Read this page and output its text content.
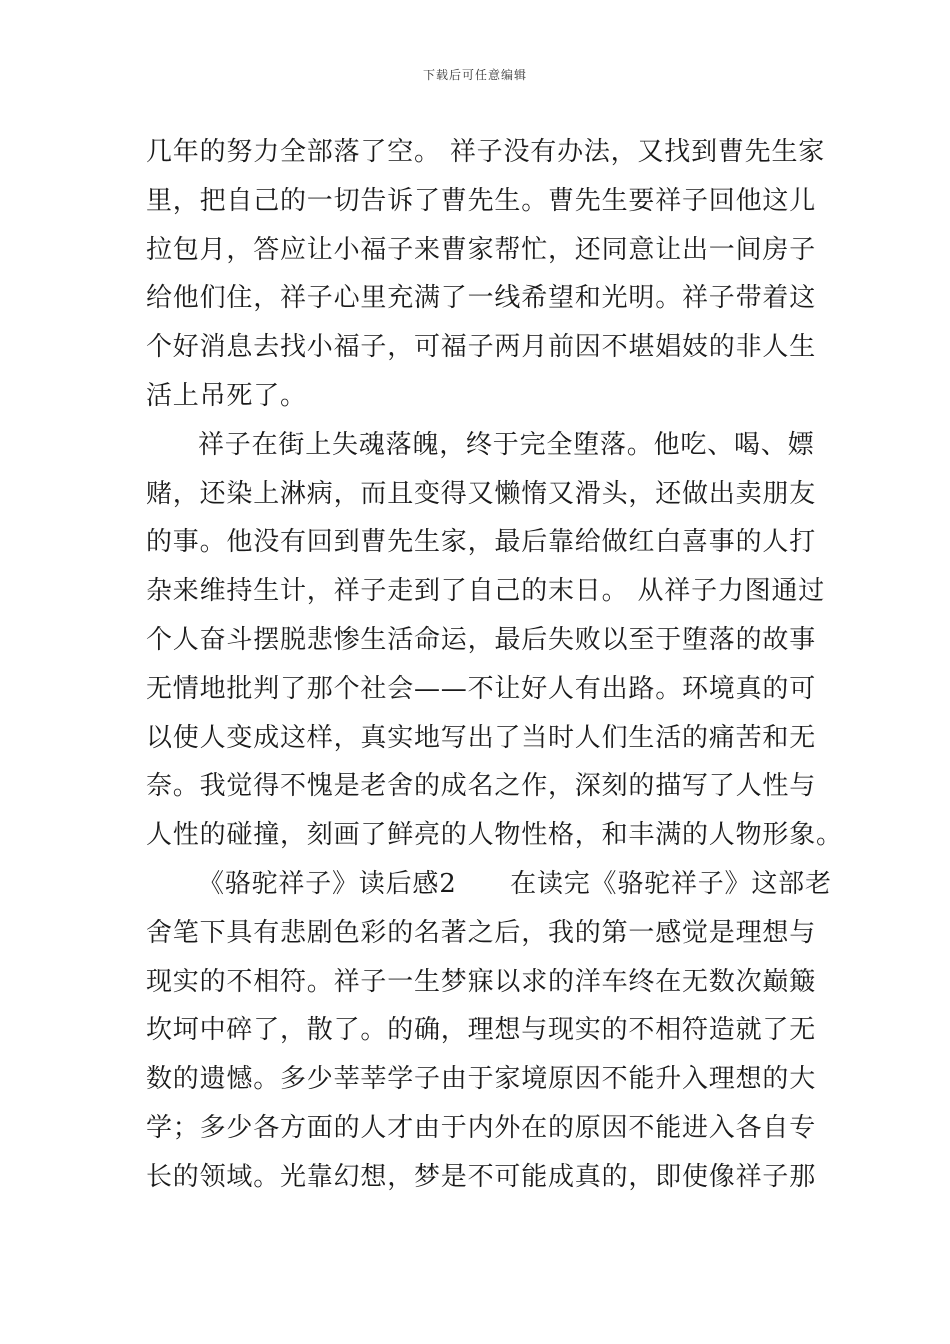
下载后可任意编辑
几年的努力全部落了空。 祥子没有办法，又找到曹先生家
里，把自己的一切告诉了曹先生。曹先生要祥子回他这儿
拉包月，答应让小福子来曹家帮忙，还同意让出一间房子
给他们住，祥子心里充满了一线希望和光明。祥子带着这
个好消息去找小福子，可福子两月前因不堪娼妓的非人生
活上吊死了。
祥子在街上失魂落魄，终于完全堕落。他吃、喝、嫖
赌，还染上淋病，而且变得又懒惰又滑头，还做出卖朋友
的事。他没有回到曹先生家，最后靠给做红白喜事的人打
杂来维持生计，祥子走到了自己的末日。 从祥子力图通过
个人奋斗摆脱悲惨生活命运，最后失败以至于堕落的故事
无情地批判了那个社会——不让好人有出路。环境真的可
以使人变成这样，真实地写出了当时人们生活的痛苦和无
奈。我觉得不愧是老舍的成名之作，深刻的描写了人性与
人性的碰撞，刻画了鲜亮的人物性格，和丰满的人物形象。
《骆驼祥子》读后感2　　在读完《骆驼祥子》这部老
舍笔下具有悲剧色彩的名著之后，我的第一感觉是理想与
现实的不相符。祥子一生梦寐以求的洋车终在无数次巅簸
坎坷中碎了，散了。的确，理想与现实的不相符造就了无
数的遗憾。多少莘莘学子由于家境原因不能升入理想的大
学；多少各方面的人才由于内外在的原因不能进入各自专
长的领域。光靠幻想，梦是不可能成真的，即使像祥子那
